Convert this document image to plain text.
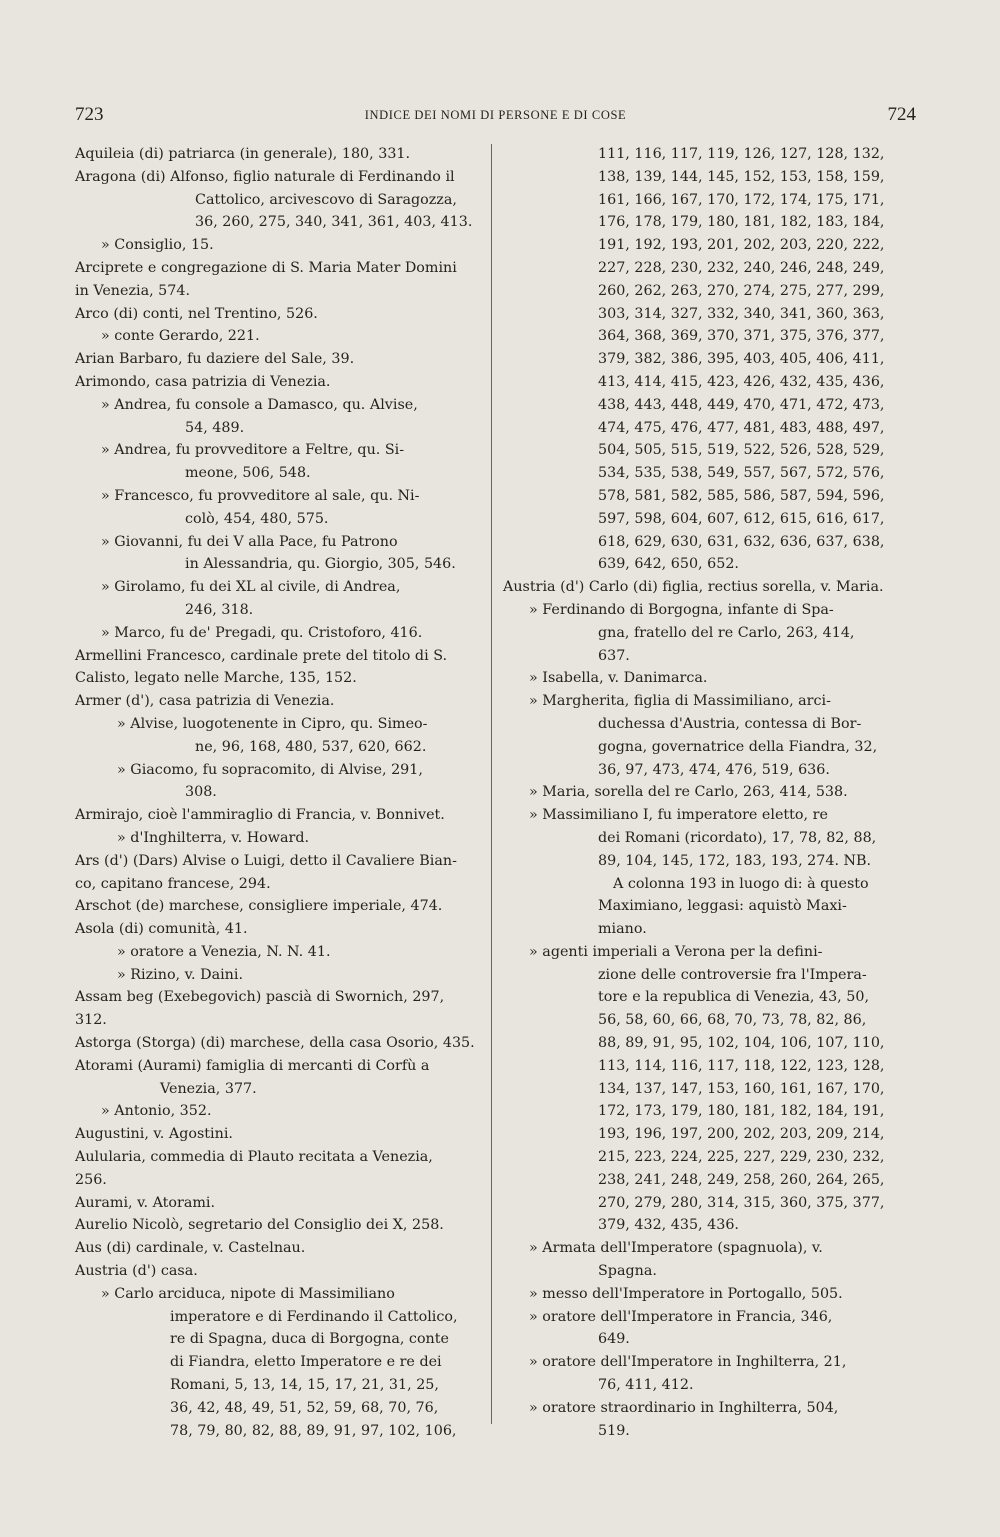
723	INDICE DEI NOMI DI PERSONE E DI COSE	724
Aquileia (di) patriarca (in generale), 180, 331.
Aragona (di) Alfonso, figlio naturale di Ferdinando il
Cattolico, arcivescovo di Saragozza,
36, 260, 275, 340, 341, 361, 403, 413.
» Consiglio, 15.
Arciprete e congregazione di S. Maria Mater Domini
in Venezia, 574.
Arco (di) conti, nel Trentino, 526.
» conte Gerardo, 221.
Arian Barbaro, fu daziere del Sale, 39.
Arimondo, casa patrizia di Venezia.
» Andrea, fu console a Damasco, qu. Alvise,
54, 489.
» Andrea, fu provveditore a Feltre, qu. Si-
meone, 506, 548.
» Francesco, fu provveditore al sale, qu. Ni-
colò, 454, 480, 575.
» Giovanni, fu dei V alla Pace, fu Patrono
in Alessandria, qu. Giorgio, 305, 546.
» Girolamo, fu dei XL al civile, di Andrea,
246, 318.
» Marco, fu de' Pregadi, qu. Cristoforo, 416.
Armellini Francesco, cardinale prete del titolo di S.
Calisto, legato nelle Marche, 135, 152.
Armer (d'), casa patrizia di Venezia.
» Alvise, luogotenente in Cipro, qu. Simeo-
ne, 96, 168, 480, 537, 620, 662.
» Giacomo, fu sopracomito, di Alvise, 291,
308.
Armirajo, cioè l'ammiraglio di Francia, v. Bonnivet.
» d'Inghilterra, v. Howard.
Ars (d') (Dars) Alvise o Luigi, detto il Cavaliere Bian-
co, capitano francese, 294.
Arschot (de) marchese, consigliere imperiale, 474.
Asola (di) comunità, 41.
» oratore a Venezia, N. N. 41.
» Rizino, v. Daini.
Assam beg (Exebegovich) pascià di Swornich, 297,
312.
Astorga (Storga) (di) marchese, della casa Osorio, 435.
Atorami (Aurami) famiglia di mercanti di Corfù a
Venezia, 377.
» Antonio, 352.
Augustini, v. Agostini.
Aulularia, commedia di Plauto recitata a Venezia,
256.
Aurami, v. Atorami.
Aurelio Nicolò, segretario del Consiglio dei X, 258.
Aus (di) cardinale, v. Castelnau.
Austria (d') casa.
» Carlo arciduca, nipote di Massimiliano
imperatore e di Ferdinando il Cattolico,
re di Spagna, duca di Borgogna, conte
di Fiandra, eletto Imperatore e re dei
Romani, 5, 13, 14, 15, 17, 21, 31, 25,
36, 42, 48, 49, 51, 52, 59, 68, 70, 76,
78, 79, 80, 82, 88, 89, 91, 97, 102, 106,
111, 116, 117, 119, 126, 127, 128, 132,
138, 139, 144, 145, 152, 153, 158, 159,
161, 166, 167, 170, 172, 174, 175, 171,
176, 178, 179, 180, 181, 182, 183, 184,
191, 192, 193, 201, 202, 203, 220, 222,
227, 228, 230, 232, 240, 246, 248, 249,
260, 262, 263, 270, 274, 275, 277, 299,
303, 314, 327, 332, 340, 341, 360, 363,
364, 368, 369, 370, 371, 375, 376, 377,
379, 382, 386, 395, 403, 405, 406, 411,
413, 414, 415, 423, 426, 432, 435, 436,
438, 443, 448, 449, 470, 471, 472, 473,
474, 475, 476, 477, 481, 483, 488, 497,
504, 505, 515, 519, 522, 526, 528, 529,
534, 535, 538, 549, 557, 567, 572, 576,
578, 581, 582, 585, 586, 587, 594, 596,
597, 598, 604, 607, 612, 615, 616, 617,
618, 629, 630, 631, 632, 636, 637, 638,
639, 642, 650, 652.
Austria (d') Carlo (di) figlia, rectius sorella, v. Maria.
» Ferdinando di Borgogna, infante di Spa-
gna, fratello del re Carlo, 263, 414,
637.
» Isabella, v. Danimarca.
» Margherita, figlia di Massimiliano, arci-
duchessa d'Austria, contessa di Bor-
gogna, governatrice della Fiandra, 32,
36, 97, 473, 474, 476, 519, 636.
» Maria, sorella del re Carlo, 263, 414, 538.
» Massimiliano I, fu imperatore eletto, re
dei Romani (ricordato), 17, 78, 82, 88,
89, 104, 145, 172, 183, 193, 274. NB.
A colonna 193 in luogo di: à questo
Maximiano, leggasi: aquistò Maxi-
miano.
» agenti imperiali a Verona per la defini-
zione delle controversie fra l'Impera-
tore e la republica di Venezia, 43, 50,
56, 58, 60, 66, 68, 70, 73, 78, 82, 86,
88, 89, 91, 95, 102, 104, 106, 107, 110,
113, 114, 116, 117, 118, 122, 123, 128,
134, 137, 147, 153, 160, 161, 167, 170,
172, 173, 179, 180, 181, 182, 184, 191,
193, 196, 197, 200, 202, 203, 209, 214,
215, 223, 224, 225, 227, 229, 230, 232,
238, 241, 248, 249, 258, 260, 264, 265,
270, 279, 280, 314, 315, 360, 375, 377,
379, 432, 435, 436.
» Armata dell'Imperatore (spagnuola), v.
Spagna.
» messo dell'Imperatore in Portogallo, 505.
» oratore dell'Imperatore in Francia, 346,
649.
» oratore dell'Imperatore in Inghilterra, 21,
76, 411, 412.
» oratore straordinario in Inghilterra, 504,
519.
